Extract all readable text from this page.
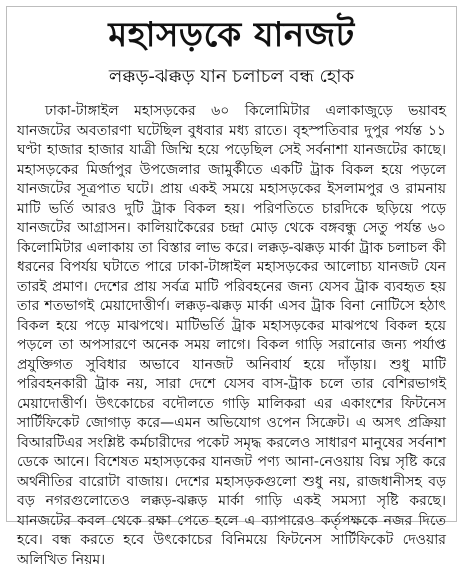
মহাসড়কে যানজট
লক্কড়-ঝক্কড় যান চলাচল বন্ধ হোক

ঢাকা-টাঙ্গাইল মহাসড়কের ৬০ কিলোমিটার এলাকাজুড়ে ভয়াবহ যানজটের অবতারণা ঘটেছিল বুধবার মধ্য রাতে। বৃহস্পতিবার দুপুর পর্যন্ত ১১ ঘণ্টা হাজার হাজার যাত্রী জিম্মি হয়ে পড়েছিল সেই সর্বনাশা যানজটের কাছে। মহাসড়কের মির্জাপুর উপজেলার জামুর্কীতে একটি ট্রাক বিকল হয়ে পড়লে যানজটের সূত্রপাত ঘটে। প্রায় একই সময়ে মহাসড়কের ইসলামপুর ও রামনায় মাটি ভর্তি আরও দুটি ট্রাক বিকল হয়। পরিণতিতে চারদিকে ছড়িয়ে পড়ে যানজটের আগ্রাসন। কালিয়াকৈরের চন্দ্রা মোড় থেকে বঙ্গবন্ধু সেতু পর্যন্ত ৬০ কিলোমিটার এলাকায় তা বিস্তার লাভ করে। লক্কড়-ঝক্কড় মার্কা ট্রাক চলাচল কী ধরনের বিপর্যয় ঘটাতে পারে ঢাকা-টাঙ্গাইল মহাসড়কের আলোচ্য যানজট যেন তারই প্রমাণ। দেশের প্রায় সর্বত্র মাটি পরিবহনের জন্য যেসব ট্রাক ব্যবহৃত হয় তার শতভাগই মেয়াদোত্তীর্ণ। লক্কড়-ঝক্কড় মার্কা এসব ট্রাক বিনা নোটিসে হঠাৎ বিকল হয়ে পড়ে মাঝপথে। মাটিভর্তি ট্রাক মহাসড়কের মাঝপথে বিকল হয়ে পড়লে তা অপসারণে অনেক সময় লাগে। বিকল গাড়ি সরানোর জন্য পর্যাপ্ত প্রযুক্তিগত সুবিধার অভাবে যানজট অনিবার্য হয়ে দাঁড়ায়। শুধু মাটি পরিবহনকারী ট্রাক নয়, সারা দেশে যেসব বাস-ট্রাক চলে তার বেশিরভাগই মেয়াদোত্তীর্ণ। উৎকোচের বদৌলতে গাড়ি মালিকরা এর একাংশের ফিটনেস সার্টিফিকেট জোগাড় করে—এমন অভিযোগ ওপেন সিক্রেট। এ অসৎ প্রক্রিয়া বিআরটিএর সংশ্লিষ্ট কর্মচারীদের পকেট সমৃদ্ধ করলেও সাধারণ মানুষের সর্বনাশ ডেকে আনে। বিশেষত মহাসড়কের যানজট পণ্য আনা-নেওয়ায় বিঘ্ন সৃষ্টি করে অর্থনীতির বারোটা বাজায়। দেশের মহাসড়কগুলো শুধু নয়, রাজধানীসহ বড় বড় নগরগুলোতেও লক্কড়-ঝক্কড় মার্কা গাড়ি একই সমস্যা সৃষ্টি করছে। যানজটের কবল থেকে রক্ষা পেতে হলে এ ব্যাপারেও কর্তৃপক্ষকে নজর দিতে হবে। বন্ধ করতে হবে উৎকোচের বিনিময়ে ফিটনেস সার্টিফিকেট দেওয়ার অলিখিত নিয়ম।
